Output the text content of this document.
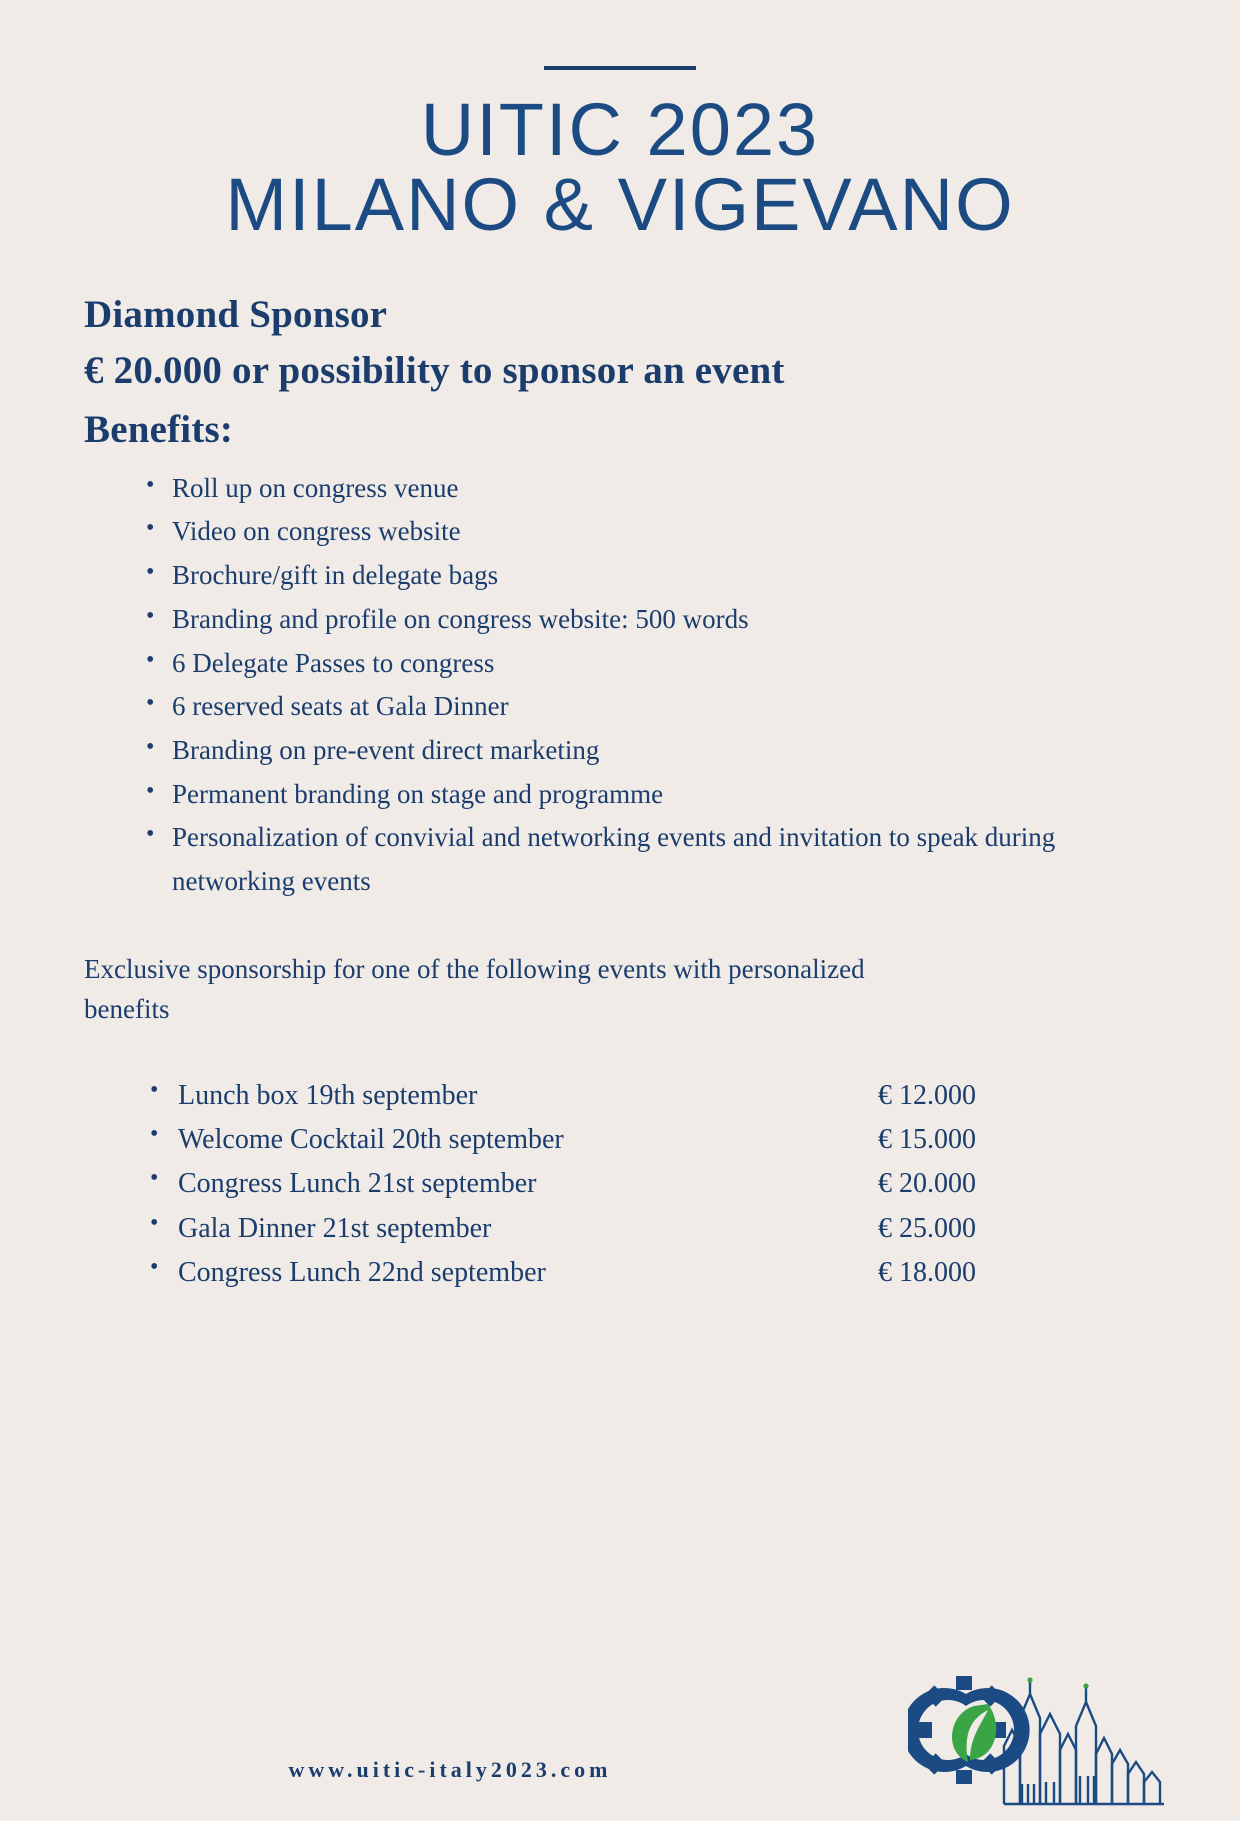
UITIC 2023
MILANO & VIGEVANO
Diamond Sponsor
€ 20.000 or possibility to sponsor an event
Benefits:
• Roll up on congress venue
• Video on congress website
• Brochure/gift in delegate bags
• Branding and profile on congress website: 500 words
• 6 Delegate Passes to congress
• 6 reserved seats at Gala Dinner
• Branding on pre-event direct marketing
• Permanent branding on stage and programme
• Personalization of convivial and networking events and invitation to speak during networking events
Exclusive sponsorship for one of the following events with personalized benefits
• Lunch box 19th september	€ 12.000
• Welcome Cocktail 20th september	€ 15.000
• Congress Lunch 21st september	€ 20.000
• Gala Dinner 21st september	€ 25.000
• Congress Lunch 22nd september	€ 18.000
www.uitic-italy2023.com
